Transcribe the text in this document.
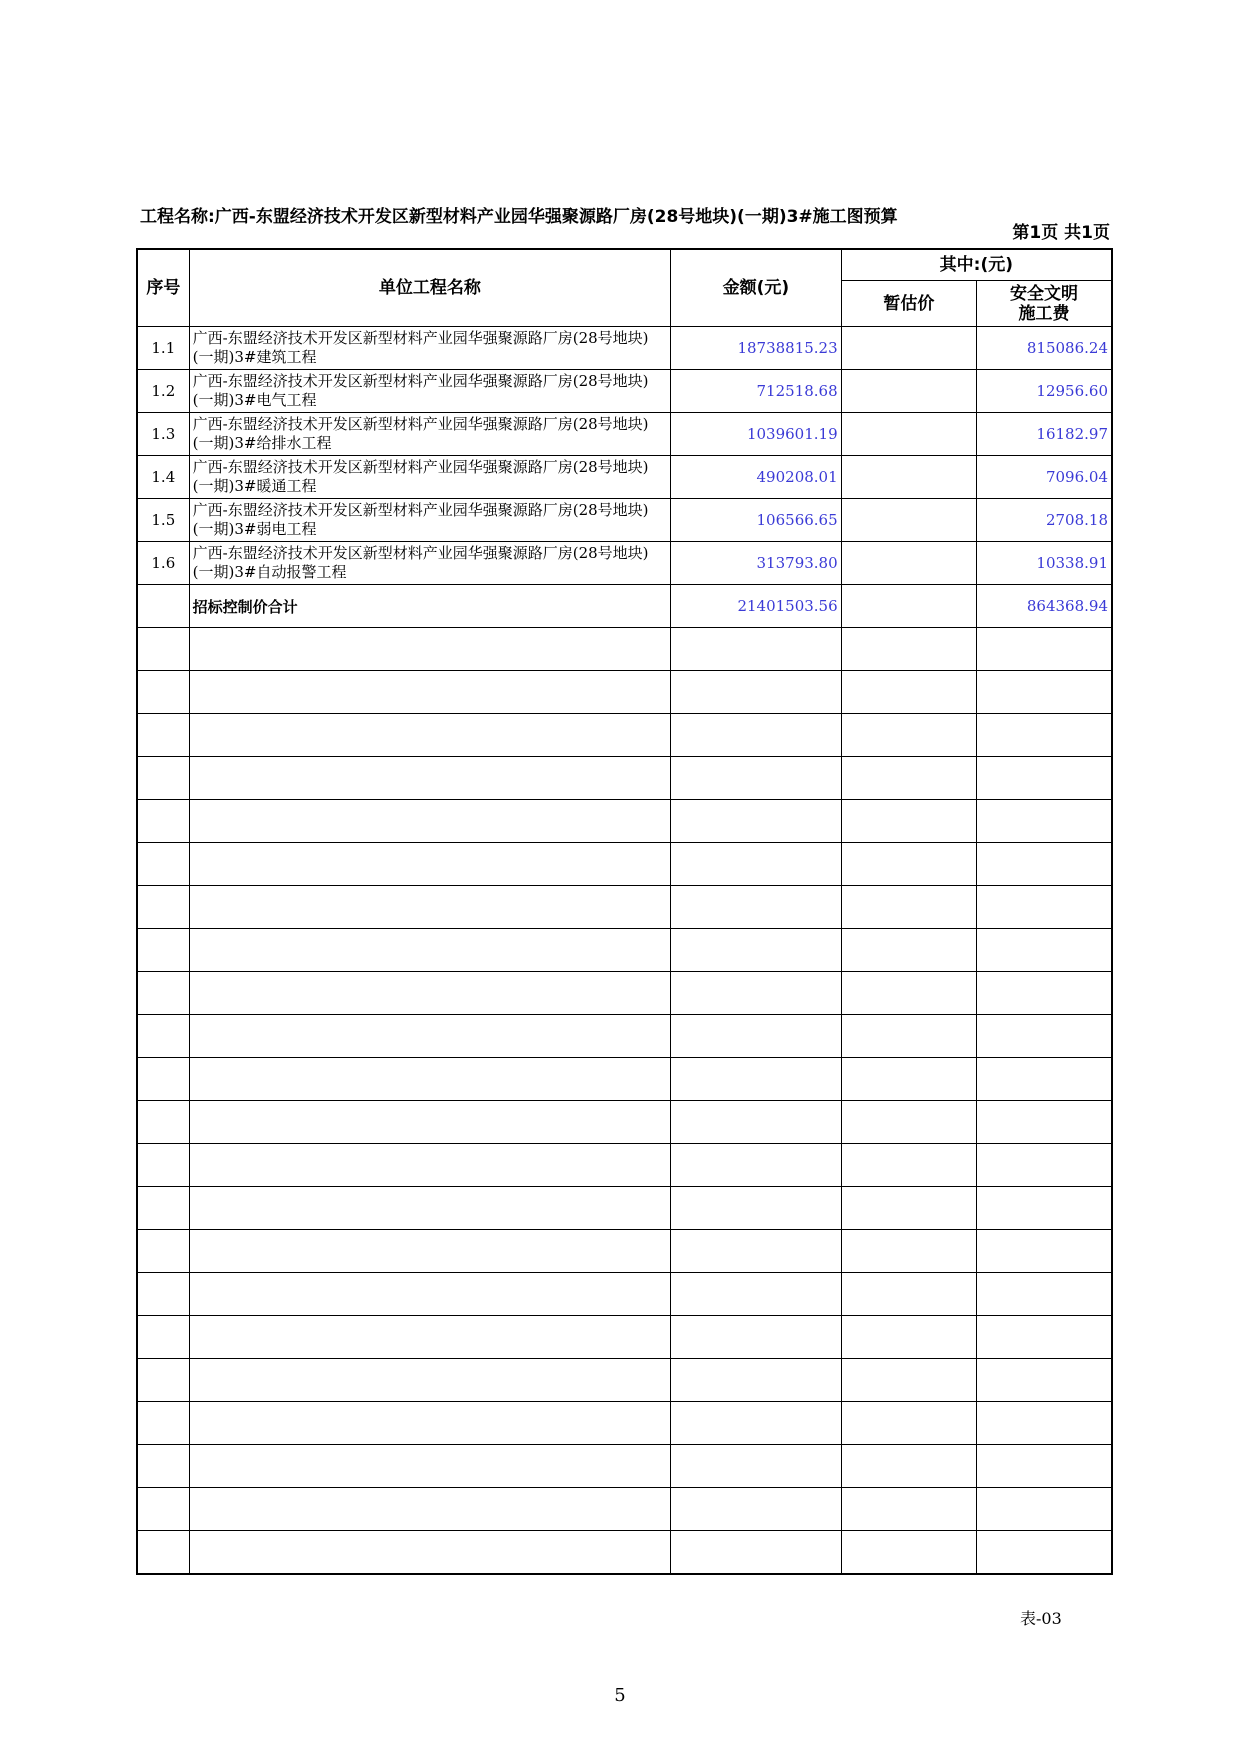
工程名称:广西-东盟经济技术开发区新型材料产业园华强聚源路厂房(28号地块)(一期)3#施工图预算
第1页 共1页
序号	单位工程名称	金额(元)	其中:(元)	
			暂估价	安全文明
施工费
1.1	广西-东盟经济技术开发区新型材料产业园华强聚源路厂房(28号地块)(一期)3#建筑工程	18738815.23		815086.24
1.2	广西-东盟经济技术开发区新型材料产业园华强聚源路厂房(28号地块)(一期)3#电气工程	712518.68		12956.60
1.3	广西-东盟经济技术开发区新型材料产业园华强聚源路厂房(28号地块)(一期)3#给排水工程	1039601.19		16182.97
1.4	广西-东盟经济技术开发区新型材料产业园华强聚源路厂房(28号地块)(一期)3#暖通工程	490208.01		7096.04
1.5	广西-东盟经济技术开发区新型材料产业园华强聚源路厂房(28号地块)(一期)3#弱电工程	106566.65		2708.18
1.6	广西-东盟经济技术开发区新型材料产业园华强聚源路厂房(28号地块)(一期)3#自动报警工程	313793.80		10338.91
	招标控制价合计	21401503.56		864368.94

表-03
5
